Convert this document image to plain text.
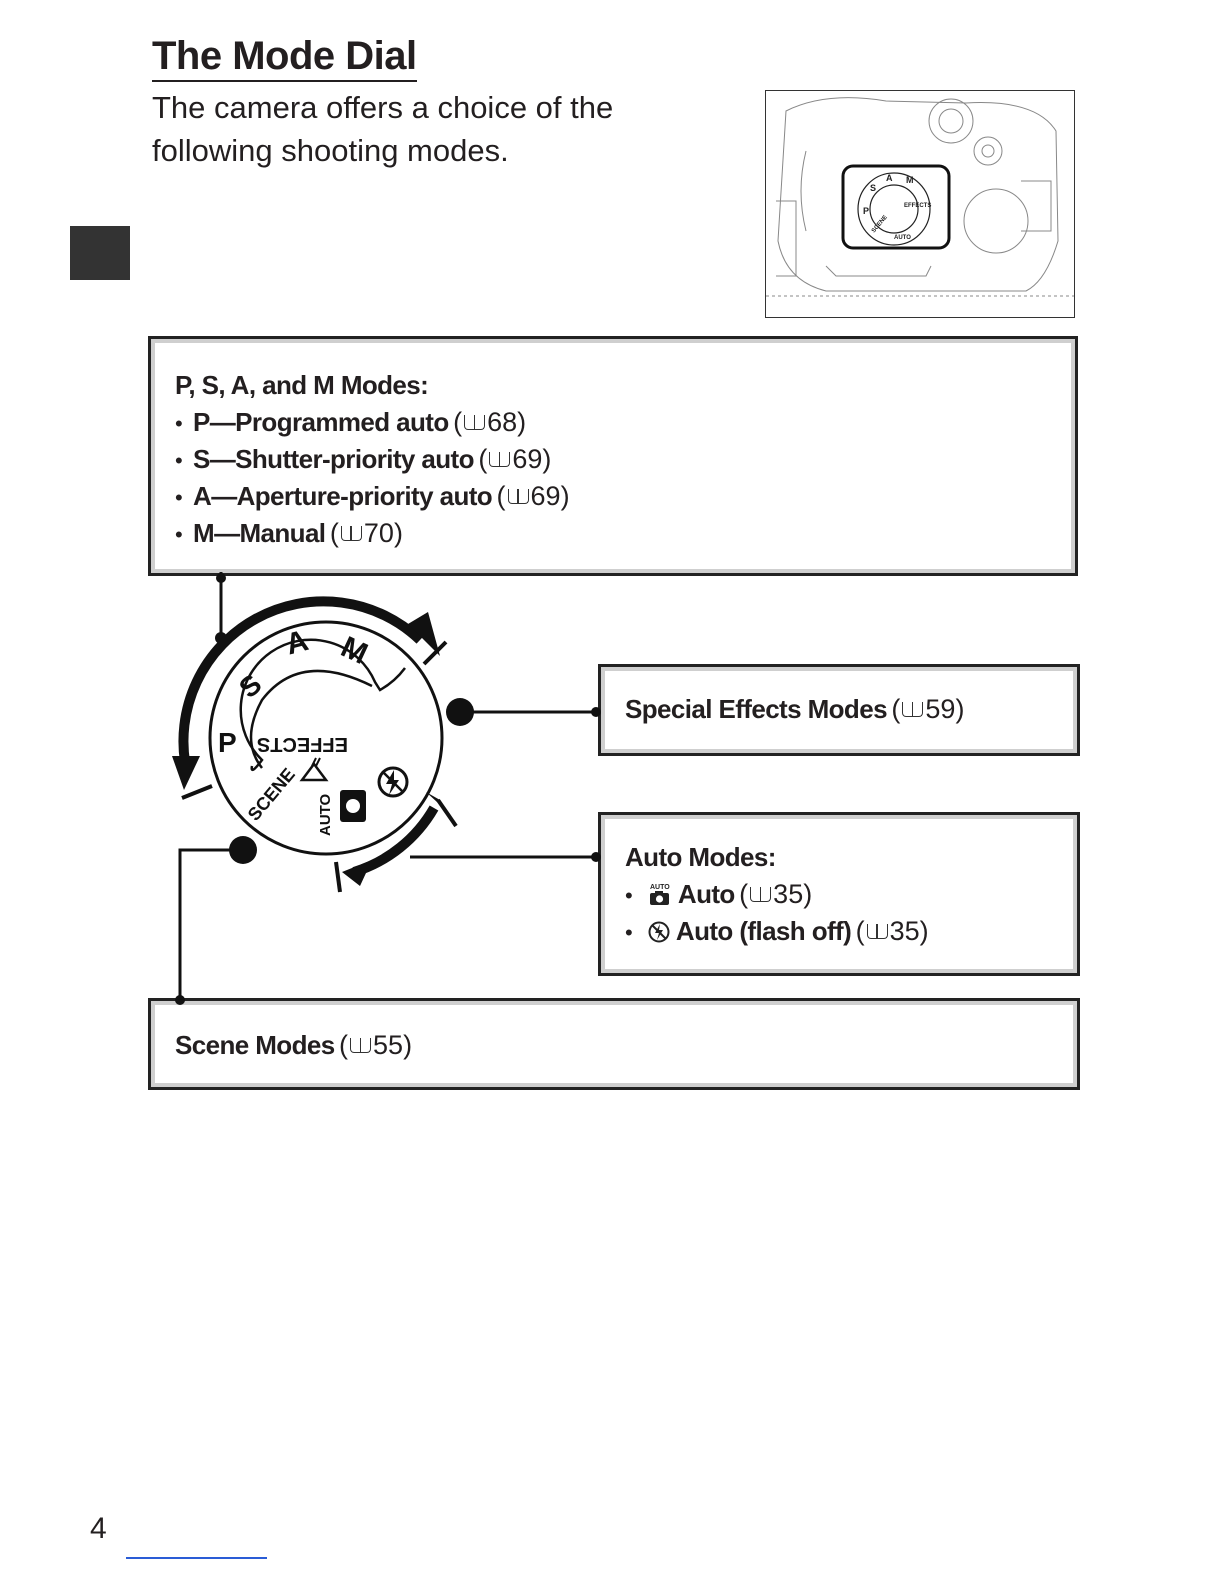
The Mode Dial

The camera offers a choice of the following shooting modes.

P
S
A M
EFFECTS
SCENE
AUTO
P, S, A, and M Modes:
• P—Programmed auto ( 68)
• S—Shutter-priority auto ( 69)
• A—Aperture-priority auto ( 69)
• M—Manual ( 70)
Special Effects Modes ( 59)
Auto Modes:
•	AUTO Auto ( 35)
• Auto (flash off) ( 35)
Scene Modes ( 55)
P
S
A M
EFFECTS
SCENE AUTO
4
